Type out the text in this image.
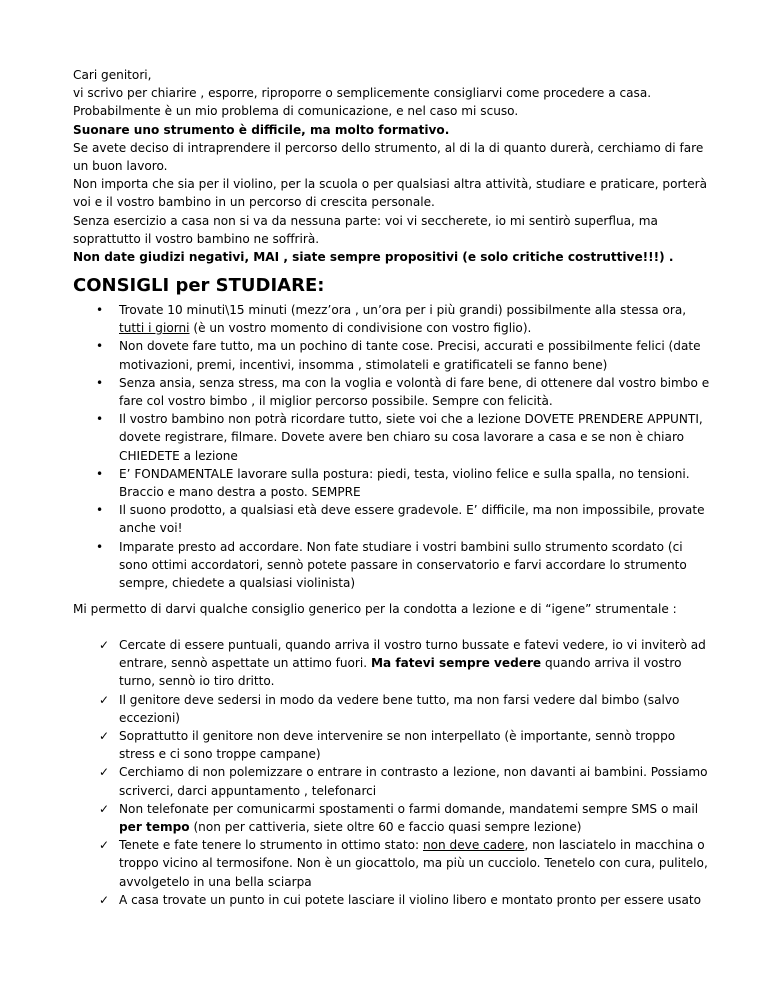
Cari genitori,

vi scrivo per chiarire , esporre, riproporre o semplicemente consigliarvi come procedere a casa.

Probabilmente è un mio problema di comunicazione, e nel caso mi scuso.

Suonare uno strumento è difficile, ma molto formativo.

Se avete deciso di intraprendere il percorso dello strumento, al di la di quanto durerà, cerchiamo di fare un buon lavoro.

Non importa che sia per il violino, per la scuola o per qualsiasi altra attività, studiare e praticare, porterà voi e il vostro bambino in un percorso di crescita personale.

Senza esercizio a casa non si va da nessuna parte: voi vi seccherete, io mi sentirò superflua, ma soprattutto il vostro bambino ne soffrirà.

Non date giudizi negativi, MAI , siate sempre propositivi (e solo critiche costruttive!!!) .

CONSIGLI per STUDIARE:
• Trovate 10 minuti\15 minuti (mezz’ora , un’ora per i più grandi) possibilmente alla stessa ora, tutti i giorni (è un vostro momento di condivisione con vostro figlio).
• Non dovete fare tutto, ma un pochino di tante cose. Precisi, accurati e possibilmente felici (date motivazioni, premi, incentivi, insomma , stimolateli e gratificateli se fanno bene)
• Senza ansia, senza stress, ma con la voglia e volontà di fare bene, di ottenere dal vostro bimbo e fare col vostro bimbo , il miglior percorso possibile. Sempre con felicità.
• Il vostro bambino non potrà ricordare tutto, siete voi che a lezione DOVETE PRENDERE APPUNTI, dovete registrare, filmare. Dovete avere ben chiaro su cosa lavorare a casa e se non è chiaro CHIEDETE a lezione
• E’ FONDAMENTALE lavorare sulla postura: piedi, testa, violino felice e sulla spalla, no tensioni. Braccio e mano destra a posto. SEMPRE
• Il suono prodotto, a qualsiasi età deve essere gradevole. E’ difficile, ma non impossibile, provate anche voi!
• Imparate presto ad accordare. Non fate studiare i vostri bambini sullo strumento scordato (ci sono ottimi accordatori, sennò potete passare in conservatorio e farvi accordare lo strumento sempre, chiedete a qualsiasi violinista)

Mi permetto di darvi qualche consiglio generico per la condotta a lezione e di “igene” strumentale :

✓ Cercate di essere puntuali, quando arriva il vostro turno bussate e fatevi vedere, io vi inviterò ad entrare, sennò aspettate un attimo fuori. Ma fatevi sempre vedere quando arriva il vostro turno, sennò io tiro dritto.
✓ Il genitore deve sedersi in modo da vedere bene tutto, ma non farsi vedere dal bimbo (salvo eccezioni)
✓ Soprattutto il genitore non deve intervenire se non interpellato (è importante, sennò troppo stress e ci sono troppe campane)
✓ Cerchiamo di non polemizzare o entrare in contrasto a lezione, non davanti ai bambini. Possiamo scriverci, darci appuntamento , telefonarci
✓ Non telefonate per comunicarmi spostamenti o farmi domande, mandatemi sempre SMS o mail per tempo (non per cattiveria, siete oltre 60 e faccio quasi sempre lezione)
✓ Tenete e fate tenere lo strumento in ottimo stato: non deve cadere, non lasciatelo in macchina o troppo vicino al termosifone. Non è un giocattolo, ma più un cucciolo. Tenetelo con cura, pulitelo, avvolgetelo in una bella sciarpa
✓ A casa trovate un punto in cui potete lasciare il violino libero e montato pronto per essere usato
